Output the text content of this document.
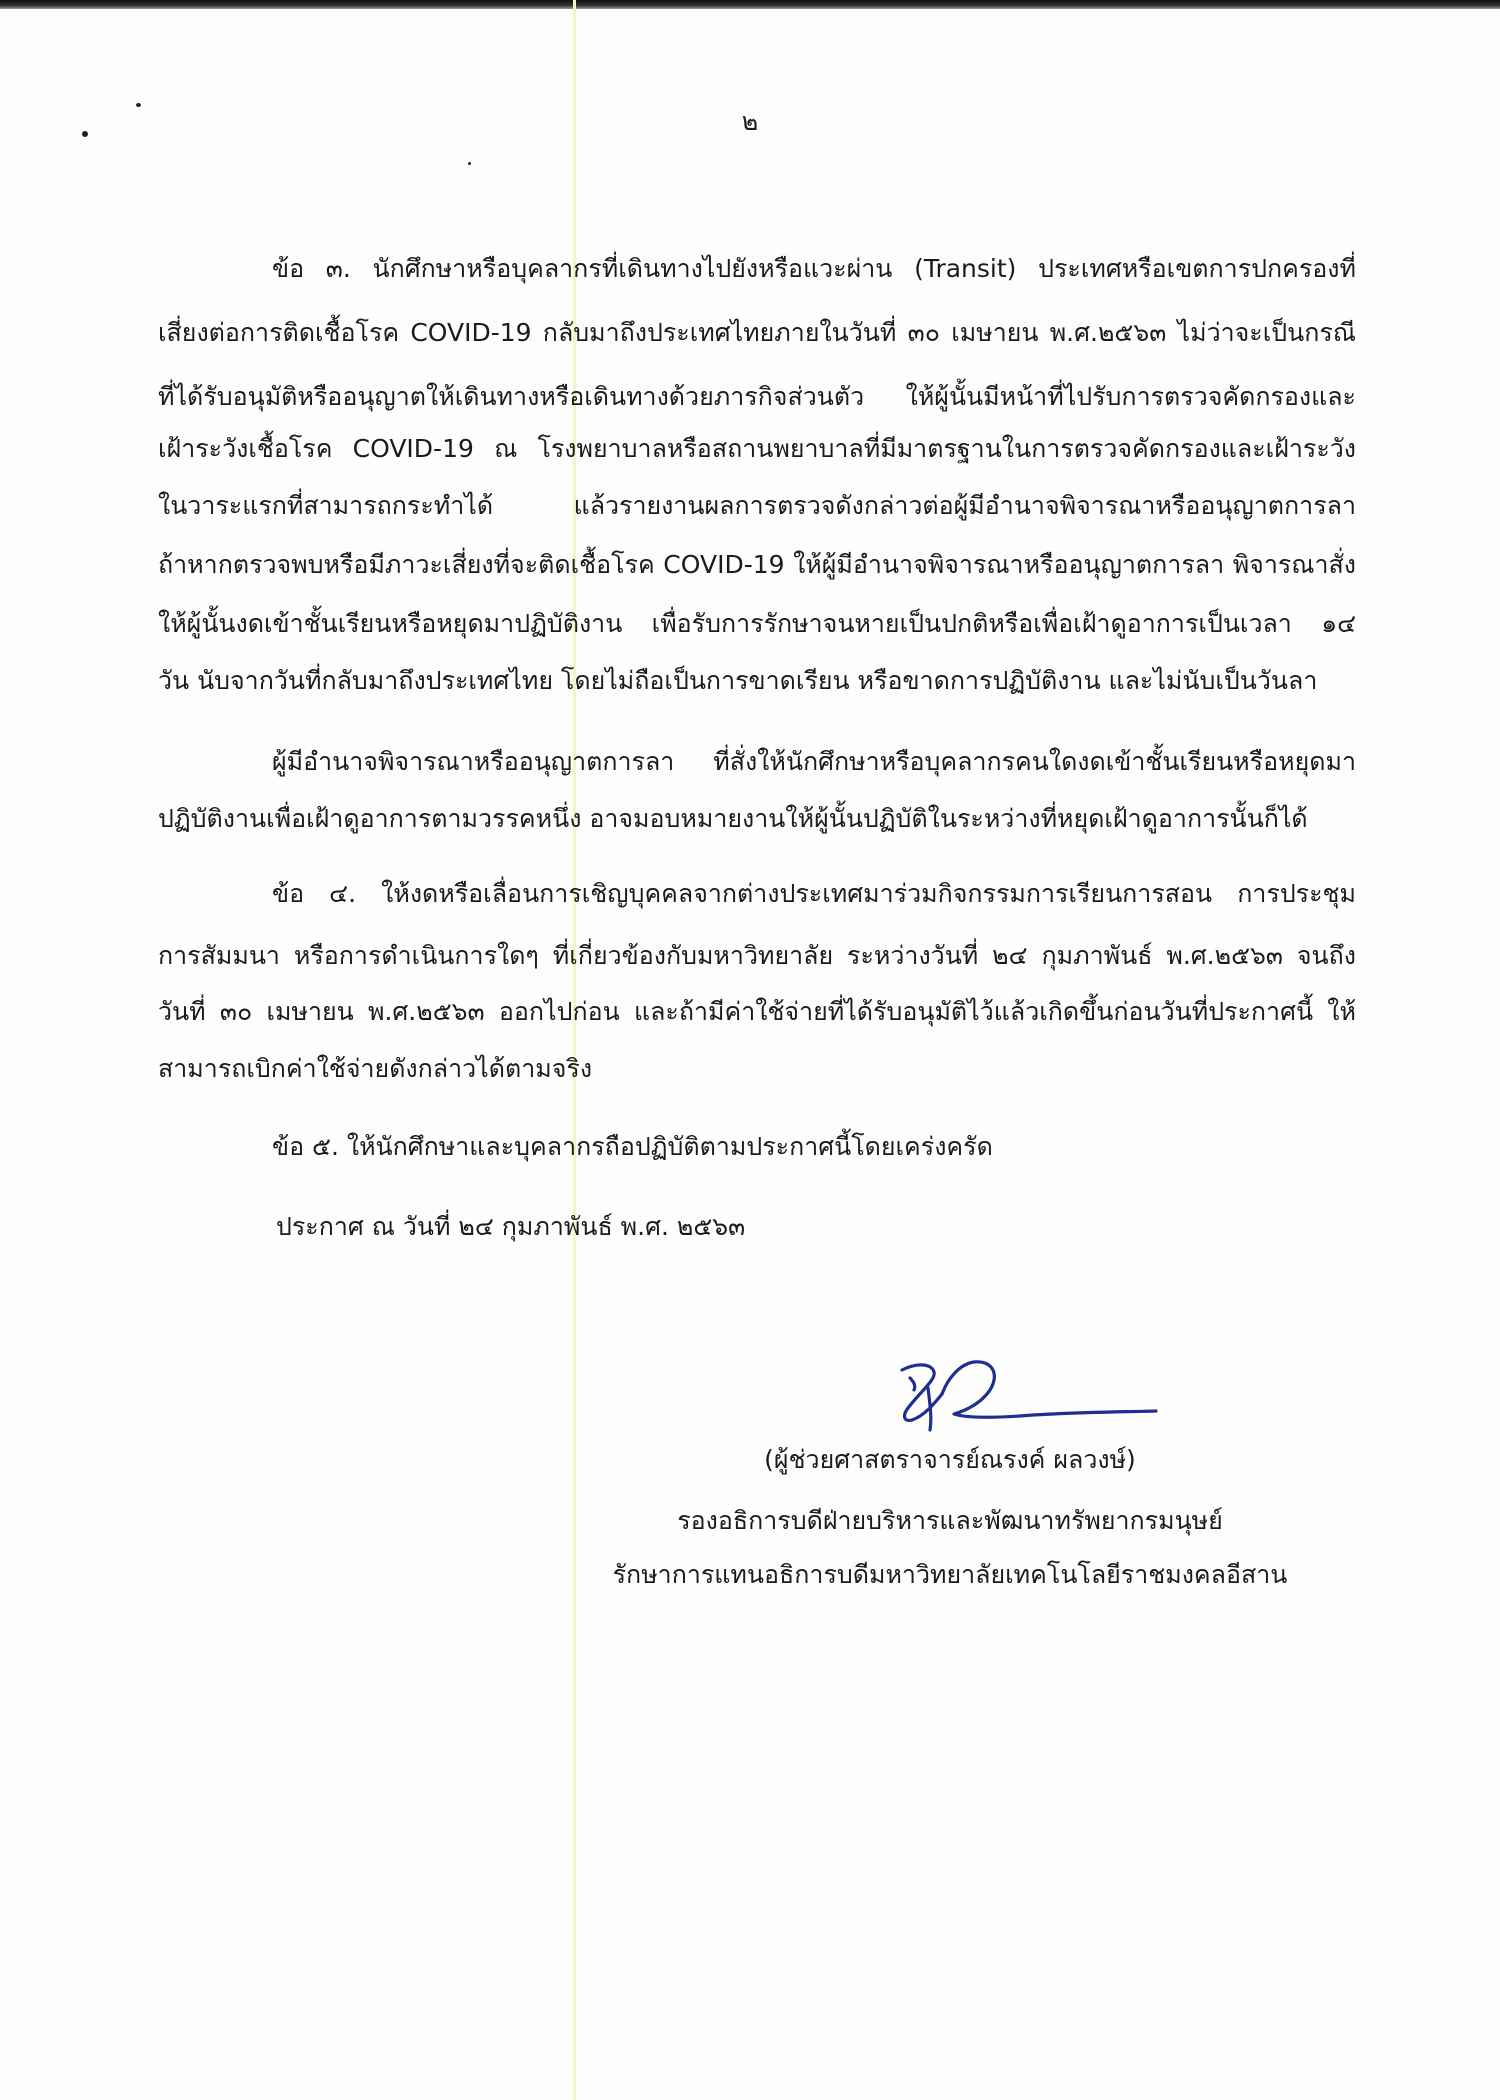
๒
ข้อ ๓. นักศึกษาหรือบุคลากรที่เดินทางไปยังหรือแวะผ่าน (Transit) ประเทศหรือเขตการปกครองที่
เสี่ยงต่อการติดเชื้อโรค COVID-19 กลับมาถึงประเทศไทยภายในวันที่ ๓๐ เมษายน พ.ศ.๒๕๖๓ ไม่ว่าจะเป็นกรณี
ที่ได้รับอนุมัติหรืออนุญาตให้เดินทางหรือเดินทางด้วยภารกิจส่วนตัว ให้ผู้นั้นมีหน้าที่ไปรับการตรวจคัดกรองและ
เฝ้าระวังเชื้อโรค COVID-19 ณ โรงพยาบาลหรือสถานพยาบาลที่มีมาตรฐานในการตรวจคัดกรองและเฝ้าระวัง
ในวาระแรกที่สามารถกระทำได้ แล้วรายงานผลการตรวจดังกล่าวต่อผู้มีอำนาจพิจารณาหรืออนุญาตการลา
ถ้าหากตรวจพบหรือมีภาวะเสี่ยงที่จะติดเชื้อโรค COVID-19 ให้ผู้มีอำนาจพิจารณาหรืออนุญาตการลา พิจารณาสั่ง
ให้ผู้นั้นงดเข้าชั้นเรียนหรือหยุดมาปฏิบัติงาน เพื่อรับการรักษาจนหายเป็นปกติหรือเพื่อเฝ้าดูอาการเป็นเวลา ๑๔
วัน นับจากวันที่กลับมาถึงประเทศไทย โดยไม่ถือเป็นการขาดเรียน หรือขาดการปฏิบัติงาน และไม่นับเป็นวันลา
ผู้มีอำนาจพิจารณาหรืออนุญาตการลา ที่สั่งให้นักศึกษาหรือบุคลากรคนใดงดเข้าชั้นเรียนหรือหยุดมา
ปฏิบัติงานเพื่อเฝ้าดูอาการตามวรรคหนึ่ง อาจมอบหมายงานให้ผู้นั้นปฏิบัติในระหว่างที่หยุดเฝ้าดูอาการนั้นก็ได้
ข้อ ๔. ให้งดหรือเลื่อนการเชิญบุคคลจากต่างประเทศมาร่วมกิจกรรมการเรียนการสอน การประชุม
การสัมมนา หรือการดำเนินการใดๆ ที่เกี่ยวข้องกับมหาวิทยาลัย ระหว่างวันที่ ๒๔ กุมภาพันธ์ พ.ศ.๒๕๖๓ จนถึง
วันที่ ๓๐ เมษายน พ.ศ.๒๕๖๓ ออกไปก่อน และถ้ามีค่าใช้จ่ายที่ได้รับอนุมัติไว้แล้วเกิดขึ้นก่อนวันที่ประกาศนี้ ให้
สามารถเบิกค่าใช้จ่ายดังกล่าวได้ตามจริง
ข้อ ๕. ให้นักศึกษาและบุคลากรถือปฏิบัติตามประกาศนี้โดยเคร่งครัด
ประกาศ ณ วันที่ ๒๔ กุมภาพันธ์ พ.ศ. ๒๕๖๓
(ผู้ช่วยศาสตราจารย์ณรงค์ ผลวงษ์)
รองอธิการบดีฝ่ายบริหารและพัฒนาทรัพยากรมนุษย์
รักษาการแทนอธิการบดีมหาวิทยาลัยเทคโนโลยีราชมงคลอีสาน
